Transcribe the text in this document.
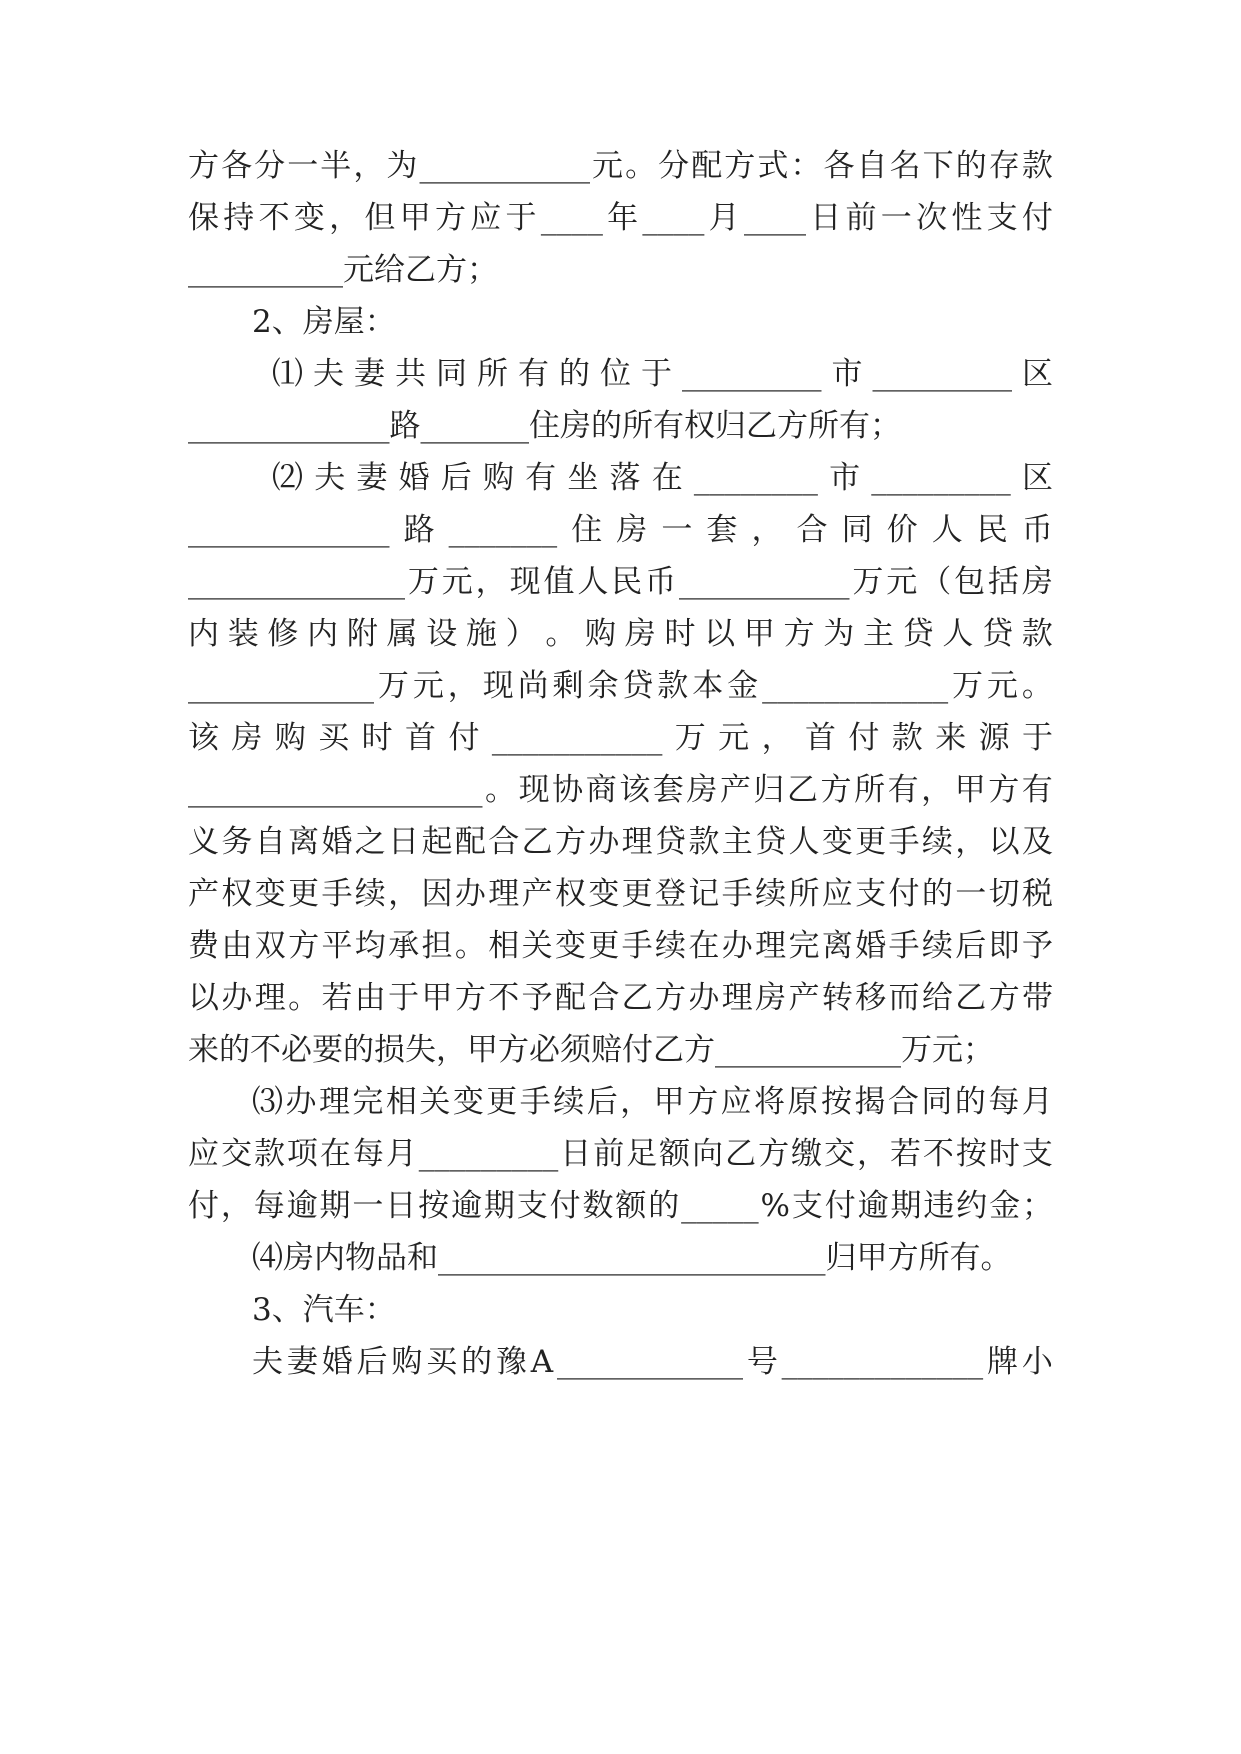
方 各 分 一 半 ， 为 ___________ 元 。 分 配 方 式 ： 各 自 名 下 的 存 款
保 持 不 变 ， 但 甲 方 应 于 ____ 年 ____ 月 ____ 日 前 一 次 性 支 付
__________元给乙方；
2、房屋：
⑴ 夫 妻 共 同 所 有 的 位 于 _________ 市 _________ 区
_____________路_______住房的所有权归乙方所有；
⑵ 夫 妻 婚 后 购 有 坐 落 在 ________ 市 _________ 区
_____________ 路 _______ 住 房 一 套 ， 合 同 价 人 民 币
______________ 万 元 ， 现 值 人 民 币 ___________ 万 元 （ 包 括 房
内 装 修 内 附 属 设 施 ） 。 购 房 时 以 甲 方 为 主 贷 人 贷 款
____________ 万 元 ， 现 尚 剩 余 贷 款 本 金 ____________ 万 元 。
该 房 购 买 时 首 付 ___________ 万 元 ， 首 付 款 来 源 于
___________________ 。 现 协 商 该 套 房 产 归 乙 方 所 有 ， 甲 方 有
义 务 自 离 婚 之 日 起 配 合 乙 方 办 理 贷 款 主 贷 人 变 更 手 续 ， 以 及
产 权 变 更 手 续 ， 因 办 理 产 权 变 更 登 记 手 续 所 应 支 付 的 一 切 税
费 由 双 方 平 均 承 担 。 相 关 变 更 手 续 在 办 理 完 离 婚 手 续 后 即 予
以 办 理 。 若 由 于 甲 方 不 予 配 合 乙 方 办 理 房 产 转 移 而 给 乙 方 带
来的不必要的损失，甲方必须赔付乙方____________万元；
⑶ 办 理 完 相 关 变 更 手 续 后 ， 甲 方 应 将 原 按 揭 合 同 的 每 月
应 交 款 项 在 每 月 _________ 日 前 足 额 向 乙 方 缴 交 ， 若 不 按 时 支
付 ， 每 逾 期 一 日 按 逾 期 支 付 数 额 的 _____ % 支 付 逾 期 违 约 金 ；
⑷房内物品和_________________________归甲方所有。
3、汽车：
夫 妻 婚 后 购 买 的 豫 A ____________ 号 _____________ 牌 小
